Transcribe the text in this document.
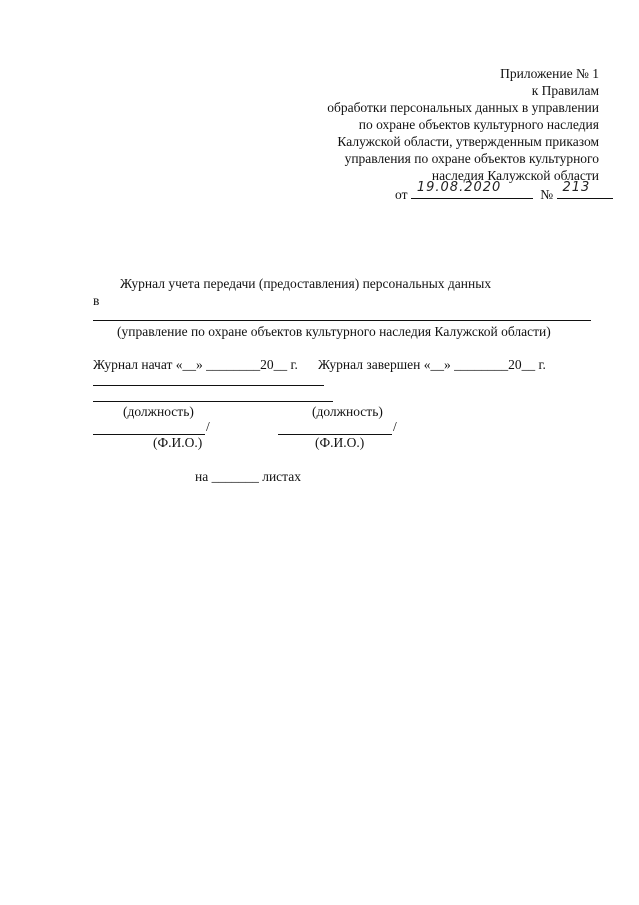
Приложение № 1
к Правилам
обработки персональных данных в управлении
по охране объектов культурного наследия
Калужской области, утвержденным приказом
управления по охране объектов культурного
наследия Калужской области
от 19.08.2020	№ 213
Журнал учета передачи (предоставления) персональных данных
в
(управление по охране объектов культурного наследия Калужской области)
Журнал начат «__» ________20__ г. Журнал завершен «__» ________20__ г.
(должность)	(должность)
/	/
(Ф.И.О.)	(Ф.И.О.)
на _______ листах
